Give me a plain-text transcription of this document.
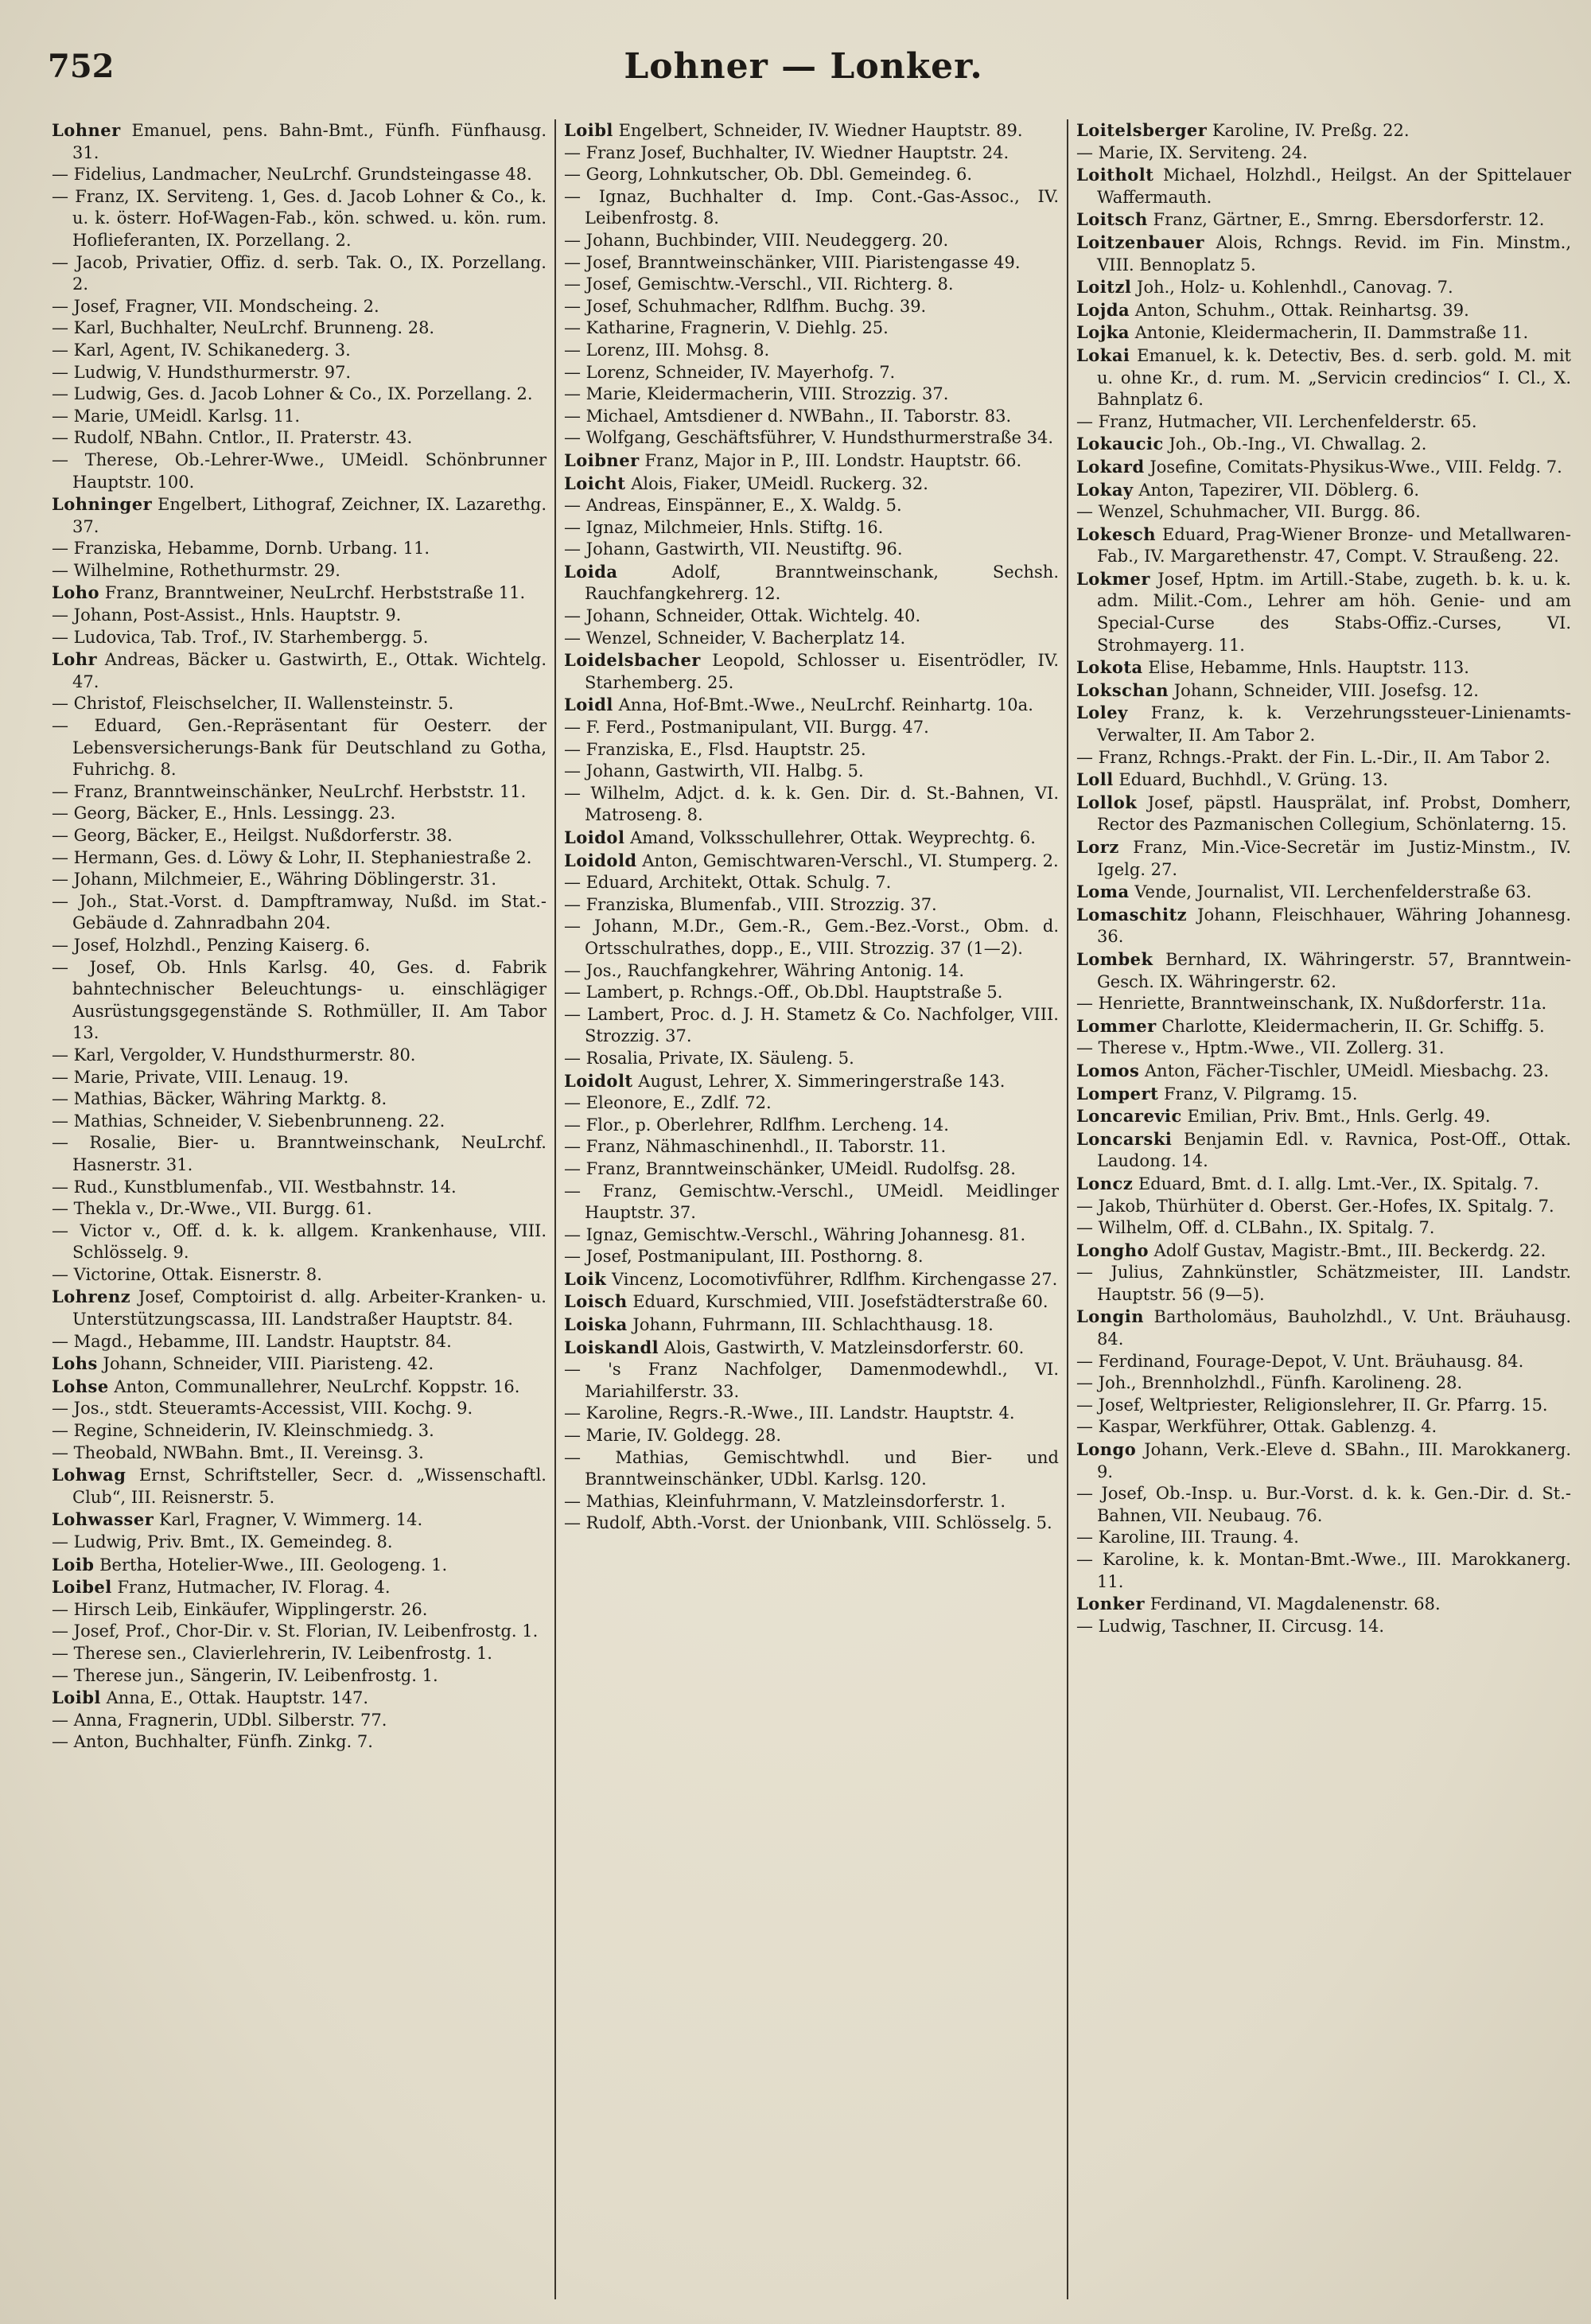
752	Lohner — Lonker.

Lohner Emanuel, pens. Bahn-Bmt., Fünfh. Fünfhausg. 31.

— Fidelius, Landmacher, NeuLrchf. Grundsteingasse 48.

— Franz, IX. Serviteng. 1, Ges. d. Jacob Lohner & Co., k. u. k. österr. Hof-Wagen-Fab., kön. schwed. u. kön. rum. Hoflieferanten, IX. Porzellang. 2.

— Jacob, Privatier, Offiz. d. serb. Tak. O., IX. Porzellang. 2.

— Josef, Fragner, VII. Mondscheing. 2.

— Karl, Buchhalter, NeuLrchf. Brunneng. 28.

— Karl, Agent, IV. Schikanederg. 3.

— Ludwig, V. Hundsthurmerstr. 97.

— Ludwig, Ges. d. Jacob Lohner & Co., IX. Porzellang. 2.

— Marie, UMeidl. Karlsg. 11.

— Rudolf, NBahn. Cntlor., II. Praterstr. 43.

— Therese, Ob.-Lehrer-Wwe., UMeidl. Schönbrunner Hauptstr. 100.

Lohninger Engelbert, Lithograf, Zeichner, IX. Lazarethg. 37.

— Franziska, Hebamme, Dornb. Urbang. 11.

— Wilhelmine, Rothethurmstr. 29.

Loho Franz, Branntweiner, NeuLrchf. Herbststraße 11.

— Johann, Post-Assist., Hnls. Hauptstr. 9.

— Ludovica, Tab. Trof., IV. Starhembergg. 5.

Lohr Andreas, Bäcker u. Gastwirth, E., Ottak. Wichtelg. 47.

— Christof, Fleischselcher, II. Wallensteinstr. 5.

— Eduard, Gen.-Repräsentant für Oesterr. der Lebensversicherungs-Bank für Deutschland zu Gotha, Fuhrichg. 8.

— Franz, Branntweinschänker, NeuLrchf. Herbststr. 11.

— Georg, Bäcker, E., Hnls. Lessingg. 23.

— Georg, Bäcker, E., Heilgst. Nußdorferstr. 38.

— Hermann, Ges. d. Löwy & Lohr, II. Stephaniestraße 2.

— Johann, Milchmeier, E., Währing Döblingerstr. 31.

— Joh., Stat.-Vorst. d. Dampftramway, Nußd. im Stat.-Gebäude d. Zahnradbahn 204.

— Josef, Holzhdl., Penzing Kaiserg. 6.

— Josef, Ob. Hnls Karlsg. 40, Ges. d. Fabrik bahntechnischer Beleuchtungs- u. einschlägiger Ausrüstungsgegenstände S. Rothmüller, II. Am Tabor 13.

— Karl, Vergolder, V. Hundsthurmerstr. 80.

— Marie, Private, VIII. Lenaug. 19.

— Mathias, Bäcker, Währing Marktg. 8.

— Mathias, Schneider, V. Siebenbrunneng. 22.

— Rosalie, Bier- u. Branntweinschank, NeuLrchf. Hasnerstr. 31.

— Rud., Kunstblumenfab., VII. Westbahnstr. 14.

— Thekla v., Dr.-Wwe., VII. Burgg. 61.

— Victor v., Off. d. k. k. allgem. Krankenhause, VIII. Schlösselg. 9.

— Victorine, Ottak. Eisnerstr. 8.

Lohrenz Josef, Comptoirist d. allg. Arbeiter-Kranken- u. Unterstützungscassa, III. Landstraßer Hauptstr. 84.

— Magd., Hebamme, III. Landstr. Hauptstr. 84.

Lohs Johann, Schneider, VIII. Piaristeng. 42.

Lohse Anton, Communallehrer, NeuLrchf. Koppstr. 16.

— Jos., stdt. Steueramts-Accessist, VIII. Kochg. 9.

— Regine, Schneiderin, IV. Kleinschmiedg. 3.

— Theobald, NWBahn. Bmt., II. Vereinsg. 3.

Lohwag Ernst, Schriftsteller, Secr. d. „Wissenschaftl. Club“, III. Reisnerstr. 5.

Lohwasser Karl, Fragner, V. Wimmerg. 14.

— Ludwig, Priv. Bmt., IX. Gemeindeg. 8.

Loib Bertha, Hotelier-Wwe., III. Geologeng. 1.

Loibel Franz, Hutmacher, IV. Florag. 4.

— Hirsch Leib, Einkäufer, Wipplingerstr. 26.

— Josef, Prof., Chor-Dir. v. St. Florian, IV. Leibenfrostg. 1.

— Therese sen., Clavierlehrerin, IV. Leibenfrostg. 1.

— Therese jun., Sängerin, IV. Leibenfrostg. 1.

Loibl Anna, E., Ottak. Hauptstr. 147.

— Anna, Fragnerin, UDbl. Silberstr. 77.

— Anton, Buchhalter, Fünfh. Zinkg. 7.

Loibl Engelbert, Schneider, IV. Wiedner Hauptstr. 89.

— Franz Josef, Buchhalter, IV. Wiedner Hauptstr. 24.

— Georg, Lohnkutscher, Ob. Dbl. Gemeindeg. 6.

— Ignaz, Buchhalter d. Imp. Cont.-Gas-Assoc., IV. Leibenfrostg. 8.

— Johann, Buchbinder, VIII. Neudeggerg. 20.

— Josef, Branntweinschänker, VIII. Piaristengasse 49.

— Josef, Gemischtw.-Verschl., VII. Richterg. 8.

— Josef, Schuhmacher, Rdlfhm. Buchg. 39.

— Katharine, Fragnerin, V. Diehlg. 25.

— Lorenz, III. Mohsg. 8.

— Lorenz, Schneider, IV. Mayerhofg. 7.

— Marie, Kleidermacherin, VIII. Strozzig. 37.

— Michael, Amtsdiener d. NWBahn., II. Taborstr. 83.

— Wolfgang, Geschäftsführer, V. Hundsthurmerstraße 34.

Loibner Franz, Major in P., III. Londstr. Hauptstr. 66.

Loicht Alois, Fiaker, UMeidl. Ruckerg. 32.

— Andreas, Einspänner, E., X. Waldg. 5.

— Ignaz, Milchmeier, Hnls. Stiftg. 16.

— Johann, Gastwirth, VII. Neustiftg. 96.

Loida Adolf, Branntweinschank, Sechsh. Rauchfangkehrerg. 12.

— Johann, Schneider, Ottak. Wichtelg. 40.

— Wenzel, Schneider, V. Bacherplatz 14.

Loidelsbacher Leopold, Schlosser u. Eisentrödler, IV. Starhemberg. 25.

Loidl Anna, Hof-Bmt.-Wwe., NeuLrchf. Reinhartg. 10a.

— F. Ferd., Postmanipulant, VII. Burgg. 47.

— Franziska, E., Flsd. Hauptstr. 25.

— Johann, Gastwirth, VII. Halbg. 5.

— Wilhelm, Adjct. d. k. k. Gen. Dir. d. St.-Bahnen, VI. Matroseng. 8.

Loidol Amand, Volksschullehrer, Ottak. Weyprechtg. 6.

Loidold Anton, Gemischtwaren-Verschl., VI. Stumperg. 2.

— Eduard, Architekt, Ottak. Schulg. 7.

— Franziska, Blumenfab., VIII. Strozzig. 37.

— Johann, M.Dr., Gem.-R., Gem.-Bez.-Vorst., Obm. d. Ortsschulrathes, dopp., E., VIII. Strozzig. 37 (1—2).

— Jos., Rauchfangkehrer, Währing Antonig. 14.

— Lambert, p. Rchngs.-Off., Ob.Dbl. Hauptstraße 5.

— Lambert, Proc. d. J. H. Stametz & Co. Nachfolger, VIII. Strozzig. 37.

— Rosalia, Private, IX. Säuleng. 5.

Loidolt August, Lehrer, X. Simmeringerstraße 143.

— Eleonore, E., Zdlf. 72.

— Flor., p. Oberlehrer, Rdlfhm. Lercheng. 14.

— Franz, Nähmaschinenhdl., II. Taborstr. 11.

— Franz, Branntweinschänker, UMeidl. Rudolfsg. 28.

— Franz, Gemischtw.-Verschl., UMeidl. Meidlinger Hauptstr. 37.

— Ignaz, Gemischtw.-Verschl., Währing Johannesg. 81.

— Josef, Postmanipulant, III. Posthorng. 8.

Loik Vincenz, Locomotivführer, Rdlfhm. Kirchengasse 27.

Loisch Eduard, Kurschmied, VIII. Josefstädterstraße 60.

Loiska Johann, Fuhrmann, III. Schlachthausg. 18.

Loiskandl Alois, Gastwirth, V. Matzleinsdorferstr. 60.

— 's Franz Nachfolger, Damenmodewhdl., VI. Mariahilferstr. 33.

— Karoline, Regrs.-R.-Wwe., III. Landstr. Hauptstr. 4.

— Marie, IV. Goldegg. 28.

— Mathias, Gemischtwhdl. und Bier- und Branntweinschänker, UDbl. Karlsg. 120.

— Mathias, Kleinfuhrmann, V. Matzleinsdorferstr. 1.

— Rudolf, Abth.-Vorst. der Unionbank, VIII. Schlösselg. 5.

Loitelsberger Karoline, IV. Preßg. 22.

— Marie, IX. Serviteng. 24.

Loitholt Michael, Holzhdl., Heilgst. An der Spittelauer Waffermauth.

Loitsch Franz, Gärtner, E., Smrng. Ebersdorferstr. 12.

Loitzenbauer Alois, Rchngs. Revid. im Fin. Minstm., VIII. Bennoplatz 5.

Loitzl Joh., Holz- u. Kohlenhdl., Canovag. 7.

Lojda Anton, Schuhm., Ottak. Reinhartsg. 39.

Lojka Antonie, Kleidermacherin, II. Dammstraße 11.

Lokai Emanuel, k. k. Detectiv, Bes. d. serb. gold. M. mit u. ohne Kr., d. rum. M. „Servicin credincios“ I. Cl., X. Bahnplatz 6.

— Franz, Hutmacher, VII. Lerchenfelderstr. 65.

Lokaucic Joh., Ob.-Ing., VI. Chwallag. 2.

Lokard Josefine, Comitats-Physikus-Wwe., VIII. Feldg. 7.

Lokay Anton, Tapezirer, VII. Döblerg. 6.

— Wenzel, Schuhmacher, VII. Burgg. 86.

Lokesch Eduard, Prag-Wiener Bronze- und Metallwaren-Fab., IV. Margarethenstr. 47, Compt. V. Straußeng. 22.

Lokmer Josef, Hptm. im Artill.-Stabe, zugeth. b. k. u. k. adm. Milit.-Com., Lehrer am höh. Genie- und am Special-Curse des Stabs-Offiz.-Curses, VI. Strohmayerg. 11.

Lokota Elise, Hebamme, Hnls. Hauptstr. 113.

Lokschan Johann, Schneider, VIII. Josefsg. 12.

Loley Franz, k. k. Verzehrungssteuer-Linienamts-Verwalter, II. Am Tabor 2.

— Franz, Rchngs.-Prakt. der Fin. L.-Dir., II. Am Tabor 2.

Loll Eduard, Buchhdl., V. Grüng. 13.

Lollok Josef, päpstl. Hausprälat, inf. Probst, Domherr, Rector des Pazmanischen Collegium, Schönlaterng. 15.

Lorz Franz, Min.-Vice-Secretär im Justiz-Minstm., IV. Igelg. 27.

Loma Vende, Journalist, VII. Lerchenfelderstraße 63.

Lomaschitz Johann, Fleischhauer, Währing Johannesg. 36.

Lombek Bernhard, IX. Währingerstr. 57, Branntwein-Gesch. IX. Währingerstr. 62.

— Henriette, Branntweinschank, IX. Nußdorferstr. 11a.

Lommer Charlotte, Kleidermacherin, II. Gr. Schiffg. 5.

— Therese v., Hptm.-Wwe., VII. Zollerg. 31.

Lomos Anton, Fächer-Tischler, UMeidl. Miesbachg. 23.

Lompert Franz, V. Pilgramg. 15.

Loncarevic Emilian, Priv. Bmt., Hnls. Gerlg. 49.

Loncarski Benjamin Edl. v. Ravnica, Post-Off., Ottak. Laudong. 14.

Loncz Eduard, Bmt. d. I. allg. Lmt.-Ver., IX. Spitalg. 7.

— Jakob, Thürhüter d. Oberst. Ger.-Hofes, IX. Spitalg. 7.

— Wilhelm, Off. d. CLBahn., IX. Spitalg. 7.

Longho Adolf Gustav, Magistr.-Bmt., III. Beckerdg. 22.

— Julius, Zahnkünstler, Schätzmeister, III. Landstr. Hauptstr. 56 (9—5).

Longin Bartholomäus, Bauholzhdl., V. Unt. Bräuhausg. 84.

— Ferdinand, Fourage-Depot, V. Unt. Bräuhausg. 84.

— Joh., Brennholzhdl., Fünfh. Karolineng. 28.

— Josef, Weltpriester, Religionslehrer, II. Gr. Pfarrg. 15.

— Kaspar, Werkführer, Ottak. Gablenzg. 4.

Longo Johann, Verk.-Eleve d. SBahn., III. Marokkanerg. 9.

— Josef, Ob.-Insp. u. Bur.-Vorst. d. k. k. Gen.-Dir. d. St.-Bahnen, VII. Neubaug. 76.

— Karoline, III. Traung. 4.

— Karoline, k. k. Montan-Bmt.-Wwe., III. Marokkanerg. 11.

Lonker Ferdinand, VI. Magdalenenstr. 68.

— Ludwig, Taschner, II. Circusg. 14.
